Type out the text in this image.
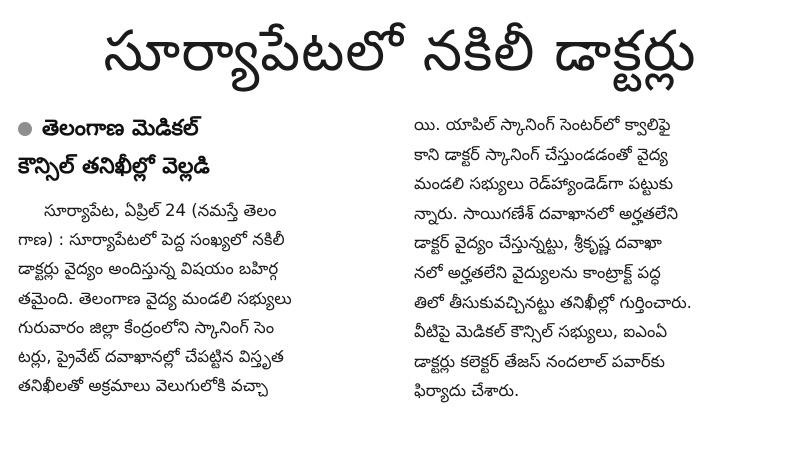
సూర్యాపేటలో నకిలీ డాక్టర్లు
తెలంగాణ మెడికల్
కౌన్సిల్ తనిఖీల్లో వెల్లడి
సూర్యాపేట, ఏప్రిల్ 24 (నమస్తే తెలం
గాణ) : సూర్యాపేటలో పెద్ద సంఖ్యలో నకిలీ
డాక్టర్లు వైద్యం అందిస్తున్న విషయం బహిర్గ
తమైంది. తెలంగాణ వైద్య మండలి సభ్యులు
గురువారం జిల్లా కేంద్రంలోని స్కానింగ్ సెం
టర్లు, ప్రైవేట్ దవాఖానల్లో చేపట్టిన విస్తృత
తనిఖీలతో అక్రమాలు వెలుగులోకి వచ్చా
యి. యాపిల్ స్కానింగ్ సెంటర్‌లో క్వాలిఫై
కాని డాక్టర్ స్కానింగ్ చేస్తుండడంతో వైద్య
మండలి సభ్యులు రెడ్‌హ్యాండెడ్‌గా పట్టుకు
న్నారు. సాయిగణేశ్ దవాఖానలో అర్హతలేని
డాక్టర్ వైద్యం చేస్తున్నట్టు, శ్రీకృష్ణ దవాఖా
నలో అర్హతలేని వైద్యులను కాంట్రాక్ట్ పద్ధ
తిలో తీసుకువచ్చినట్టు తనిఖీల్లో గుర్తించారు.
వీటిపై మెడికల్ కౌన్సిల్ సభ్యులు, ఐఎంఏ
డాక్టర్లు కలెక్టర్ తేజస్ నందలాల్ పవార్‌కు
ఫిర్యాదు చేశారు.
